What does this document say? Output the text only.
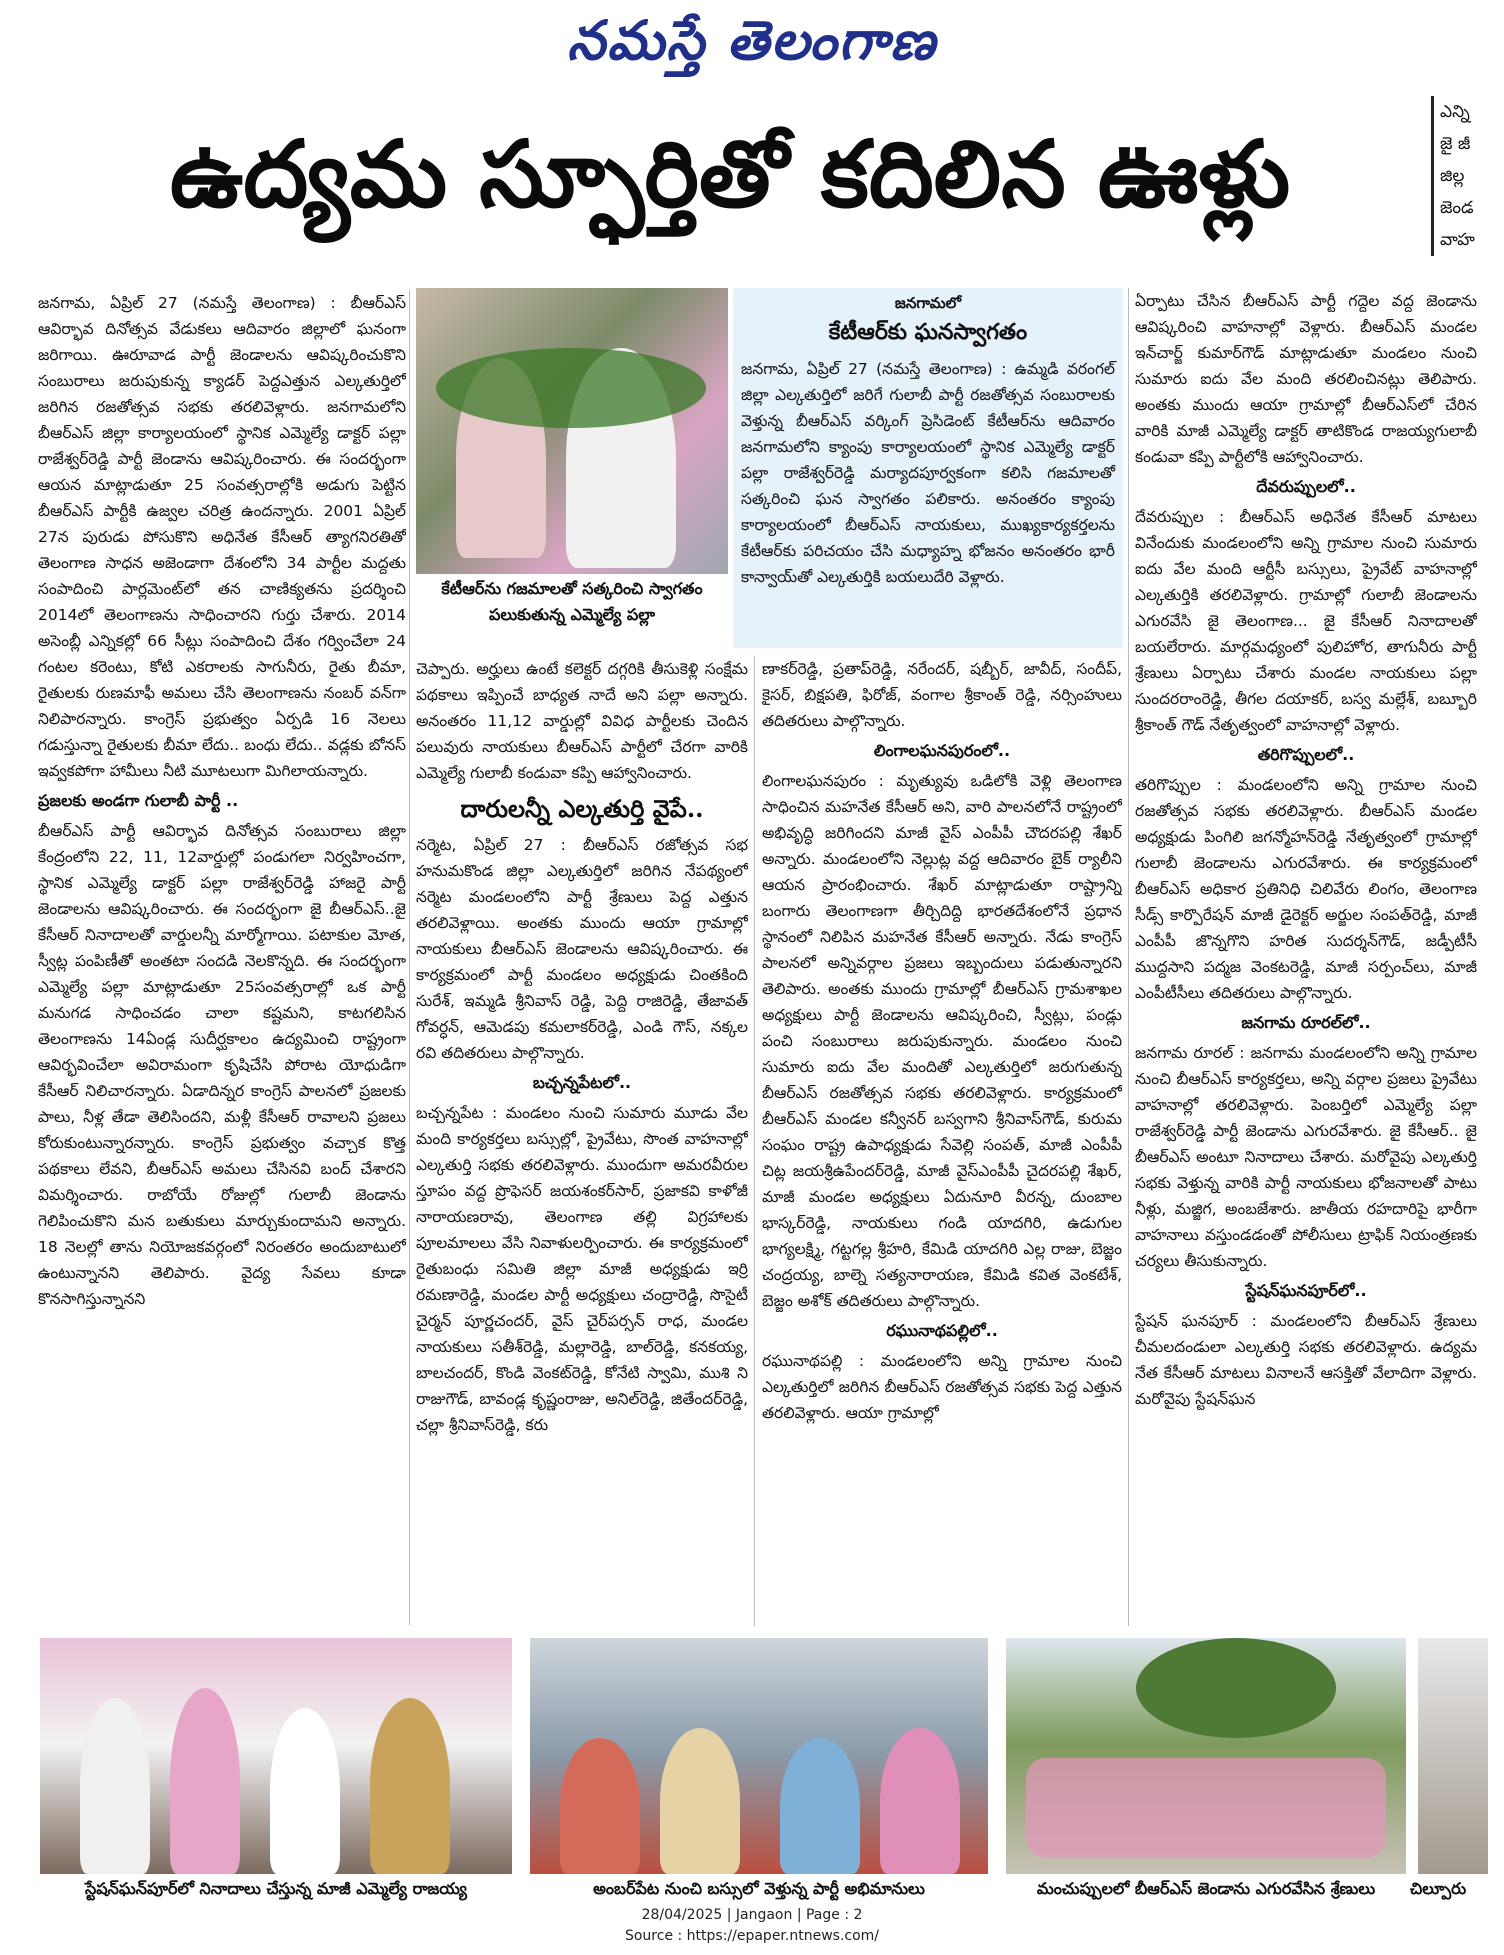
నమస్తే తెలంగాణ
ఉద్యమ స్ఫూర్తితో కదిలిన ఊళ్లు
ఎన్ని
జై జీ
జిల్ల
జెండ
వాహ

జనగామ, ఏప్రిల్ 27 (నమస్తే తెలంగాణ) : బీఆర్ఎస్ ఆవిర్భావ దినోత్సవ వేడుకలు ఆదివారం జిల్లాలో ఘనంగా జరిగాయి. ఊరూవాడ పార్టీ జెండాలను ఆవిష్కరించుకొని సంబురాలు జరుపుకున్న క్యాడర్ పెద్దఎత్తున ఎల్కతుర్తిలో జరిగిన రజతోత్సవ సభకు తరలివెళ్లారు. జనగామలోని బీఆర్ఎస్ జిల్లా కార్యాలయంలో స్థానిక ఎమ్మెల్యే డాక్టర్ పల్లా రాజేశ్వర్‌రెడ్డి పార్టీ జెండాను ఆవిష్కరించారు. ఈ సందర్భంగా ఆయన మాట్లాడుతూ 25 సంవత్సరాల్లోకి అడుగు పెట్టిన బీఆర్ఎస్ పార్టీకి ఉజ్వల చరిత్ర ఉందన్నారు. 2001 ఏప్రిల్ 27న పురుడు పోసుకొని అధినేత కేసీఆర్ త్యాగనిరతితో తెలంగాణ సాధన అజెండాగా దేశంలోని 34 పార్టీల మద్దతు సంపాదించి పార్లమెంట్‌లో తన చాణిక్యతను ప్రదర్శించి 2014లో తెలంగాణను సాధించారని గుర్తు చేశారు. 2014 అసెంబ్లీ ఎన్నికల్లో 66 సీట్లు సంపాదించి దేశం గర్వించేలా 24 గంటల కరెంటు, కోటి ఎకరాలకు సాగునీరు, రైతు బీమా, రైతులకు రుణమాఫీ అమలు చేసి తెలంగాణను నంబర్ వన్‌గా నిలిపారన్నారు. కాంగ్రెస్ ప్రభుత్వం ఏర్పడి 16 నెలలు గడుస్తున్నా రైతులకు బీమా లేదు.. బంధు లేదు.. వడ్లకు బోనస్ ఇవ్వకపోగా హామీలు నీటి మూటలుగా మిగిలాయన్నారు.

ప్రజలకు అండగా గులాబీ పార్టీ ..

బీఆర్ఎస్ పార్టీ ఆవిర్భావ దినోత్సవ సంబురాలు జిల్లా కేంద్రంలోని 22, 11, 12వార్డుల్లో పండుగలా నిర్వహించగా, స్థానిక ఎమ్మెల్యే డాక్టర్ పల్లా రాజేశ్వర్‌రెడ్డి హాజరై పార్టీ జెండాలను ఆవిష్కరించారు. ఈ సందర్భంగా జై బీఆర్ఎస్..జై కేసీఆర్ నినాదాలతో వార్డులన్నీ మార్మోగాయి. పటాకుల మోత, స్వీట్ల పంపిణీతో అంతటా సందడి నెలకొన్నది. ఈ సందర్భంగా ఎమ్మెల్యే పల్లా మాట్లాడుతూ 25సంవత్సరాల్లో ఒక పార్టీ మనుగడ సాధించడం చాలా కష్టమని, కాటగలిసిన తెలంగాణను 14ఏండ్ల సుదీర్ఘకాలం ఉద్యమించి రాష్ట్రంగా ఆవిర్భవించేలా అవిరామంగా కృషిచేసి పోరాట యోధుడిగా కేసీఆర్ నిలిచారన్నారు. ఏడాదిన్నర కాంగ్రెస్ పాలనలో ప్రజలకు పాలు, నీళ్ల తేడా తెలిసిందని, మళ్లీ కేసీఆర్ రావాలని ప్రజలు కోరుకుంటున్నారన్నారు. కాంగ్రెస్ ప్రభుత్వం వచ్చాక కొత్త పథకాలు లేవని, బీఆర్ఎస్ అమలు చేసినవి బంద్ చేశారని విమర్శించారు. రాబోయే రోజుల్లో గులాబీ జెండాను గెలిపించుకొని మన బతుకులు మార్చుకుందామని అన్నారు. 18 నెలల్లో తాను నియోజకవర్గంలో నిరంతరం అందుబాటులో ఉంటున్నానని తెలిపారు. వైద్య సేవలు కూడా కొనసాగిస్తున్నానని

కేటీఆర్‌ను గజమాలతో సత్కరించి స్వాగతం పలుకుతున్న ఎమ్మెల్యే పల్లా
జనగామలో
కేటీఆర్‌కు ఘనస్వాగతం
జనగామ, ఏప్రిల్ 27 (నమస్తే తెలంగాణ) : ఉమ్మడి వరంగల్ జిల్లా ఎల్కతుర్తిలో జరిగే గులాబీ పార్టీ రజతోత్సవ సంబురాలకు వెళ్తున్న బీఆర్ఎస్ వర్కింగ్ ప్రెసిడెంట్ కేటీఆర్‌ను ఆదివారం జనగామలోని క్యాంపు కార్యాలయంలో స్థానిక ఎమ్మెల్యే డాక్టర్ పల్లా రాజేశ్వర్‌రెడ్డి మర్యాదపూర్వకంగా కలిసి గజమాలతో సత్కరించి ఘన స్వాగతం పలికారు. అనంతరం క్యాంపు కార్యాలయంలో బీఆర్ఎస్ నాయకులు, ముఖ్యకార్యకర్తలను కేటీఆర్‌కు పరిచయం చేసి మధ్యాహ్న భోజనం అనంతరం భారీ కాన్వాయ్‌తో ఎల్కతుర్తికి బయలుదేరి వెళ్లారు.

చెప్పారు. అర్హులు ఉంటే కలెక్టర్ దగ్గరికి తీసుకెళ్లి సంక్షేమ పథకాలు ఇప్పించే బాధ్యత నాదే అని పల్లా అన్నారు. అనంతరం 11,12 వార్డుల్లో వివిధ పార్టీలకు చెందిన పలువురు నాయకులు బీఆర్ఎస్ పార్టీలో చేరగా వారికి ఎమ్మెల్యే గులాబీ కండువా కప్పి ఆహ్వానించారు.

దారులన్నీ ఎల్కతుర్తి వైపే..

నర్మెట, ఏప్రిల్ 27 : బీఆర్ఎస్ రజోత్సవ సభ హనుమకొండ జిల్లా ఎల్కతుర్తిలో జరిగిన నేపథ్యంలో నర్మెట మండలంలోని పార్టీ శ్రేణులు పెద్ద ఎత్తున తరలివెళ్లాయి. అంతకు ముందు ఆయా గ్రామాల్లో నాయకులు బీఆర్ఎస్ జెండాలను ఆవిష్కరించారు. ఈ కార్యక్రమంలో పార్టీ మండలం అధ్యక్షుడు చింతకింది సురేశ్, ఇమ్మడి శ్రీనివాస్ రెడ్డి, పెద్ది రాజిరెడ్డి, తేజావత్ గోవర్ధన్, ఆమెడపు కమలాకర్‌రెడ్డి, ఎండి గౌస్, నక్కల రవి తదితరులు పాల్గొన్నారు.

బచ్చన్నపేటలో..

బచ్చన్నపేట : మండలం నుంచి సుమారు మూడు వేల మంది కార్యకర్తలు బస్సుల్లో, ప్రైవేటు, సొంత వాహనాల్లో ఎల్కతుర్తి సభకు తరలివెళ్లారు. ముందుగా అమరవీరుల స్తూపం వద్ద ప్రొఫెసర్ జయశంకర్‌సార్, ప్రజాకవి కాళోజీ నారాయణరావు, తెలంగాణ తల్లి విగ్రహాలకు పూలమాలలు వేసి నివాళులర్పించారు. ఈ కార్యక్రమంలో రైతుబంధు సమితి జిల్లా మాజీ అధ్యక్షుడు ఇర్రి రమణారెడ్డి, మండల పార్టీ అధ్యక్షులు చంద్రారెడ్డి, సొసైటీ చైర్మన్ పూర్ణచందర్, వైస్ చైర్‌పర్సన్ రాధ, మండల నాయకులు సతీశ్‌రెడ్డి, మల్లారెడ్డి, బాల్‌రెడ్డి, కనకయ్య, బాలచందర్, కొండి వెంకట్‌రెడ్డి, కోనేటి స్వామి, ముశి ని రాజుగౌడ్, బావండ్ల కృష్ణంరాజు, అనిల్‌రెడ్డి, జితేందర్‌రెడ్డి, చల్లా శ్రీనివాస్‌రెడ్డి, కరు

ణాకర్‌రెడ్డి, ప్రతాప్‌రెడ్డి, నరేందర్, షబ్బీర్, జావీద్, సందీప్, కైసర్, బిక్షపతి, ఫిరోజ్, వంగాల శ్రీకాంత్ రెడ్డి, నర్సింహులు తదితరులు పాల్గొన్నారు.

లింగాలఘనపురంలో..

లింగాలఘనపురం : మృత్యువు ఒడిలోకి వెళ్లి తెలంగాణ సాధించిన మహనేత కేసీఆర్ అని, వారి పాలనలోనే రాష్ట్రంలో అభివృద్ధి జరిగిందని మాజీ వైస్ ఎంపీపీ చౌదరపల్లి శేఖర్ అన్నారు. మండలంలోని నెల్లుట్ల వద్ద ఆదివారం బైక్ ర్యాలీని ఆయన ప్రారంభించారు. శేఖర్ మాట్లాడుతూ రాష్ట్రాన్ని బంగారు తెలంగాణగా తీర్చిదిద్ది భారతదేశంలోనే ప్రధాన స్థానంలో నిలిపిన మహనేత కేసీఆర్ అన్నారు. నేడు కాంగ్రెస్ పాలనలో అన్నివర్గాల ప్రజలు ఇబ్బందులు పడుతున్నారని తెలిపారు. అంతకు ముందు గ్రామాల్లో బీఆర్ఎస్ గ్రామశాఖల అధ్యక్షులు పార్టీ జెండాలను ఆవిష్కరించి, స్వీట్లు, పండ్లు పంచి సంబురాలు జరుపుకున్నారు. మండలం నుంచి సుమారు ఐదు వేల మందితో ఎల్కతుర్తిలో జరుగుతున్న బీఆర్ఎస్ రజతోత్సవ సభకు తరలివెళ్లారు. కార్యక్రమంలో బీఆర్ఎస్ మండల కన్వీనర్ బస్వగాని శ్రీనివాస్‌గౌడ్, కురుమ సంఘం రాష్ట్ర ఉపాధ్యక్షుడు సేవెల్లి సంపత్, మాజీ ఎంపీపీ చిట్ల జయశ్రీఉపేందర్‌రెడ్డి, మాజీ వైస్‌ఎంపీపీ చైదరపల్లి శేఖర్, మాజీ మండల అధ్యక్షులు ఏదునూరి వీరన్న, దుంబాల భాస్కర్‌రెడ్డి, నాయకులు గండి యాదగిరి, ఉడుగుల భాగ్యలక్ష్మి, గట్టగల్ల శ్రీహరి, కేమిడి యాదగిరి ఎల్ల రాజు, బెజ్జం చంద్రయ్య, బాల్నె సత్యనారాయణ, కేమిడి కవిత వెంకటేశ్, బెజ్జం అశోక్ తదితరులు పాల్గొన్నారు.

రఘునాథపల్లిలో..

రఘునాథపల్లి : మండలంలోని అన్ని గ్రామాల నుంచి ఎల్కతుర్తిలో జరిగిన బీఆర్ఎస్ రజతోత్సవ సభకు పెద్ద ఎత్తున తరలివెళ్లారు. ఆయా గ్రామాల్లో

ఏర్పాటు చేసిన బీఆర్ఎస్ పార్టీ గద్దెల వద్ద జెండాను ఆవిష్కరించి వాహనాల్లో వెళ్లారు. బీఆర్ఎస్ మండల ఇన్‌చార్జ్ కుమార్‌గౌడ్ మాట్లాడుతూ మండలం నుంచి సుమారు ఐదు వేల మంది తరలించినట్లు తెలిపారు. అంతకు ముందు ఆయా గ్రామాల్లో బీఆర్ఎస్‌లో చేరిన వారికి మాజీ ఎమ్మెల్యే డాక్టర్ తాటికొండ రాజయ్యగులాబీ కండువా కప్పి పార్టీలోకి ఆహ్వానించారు.

దేవరుప్పులలో..

దేవరుప్పుల : బీఆర్ఎస్ అధినేత కేసీఆర్ మాటలు వినేందుకు మండలంలోని అన్ని గ్రామాల నుంచి సుమారు ఐదు వేల మంది ఆర్టీసీ బస్సులు, ప్రైవేట్ వాహనాల్లో ఎల్కతుర్తికి తరలివెళ్లారు. గ్రామాల్లో గులాబీ జెండాలను ఎగురవేసి జై తెలంగాణ... జై కేసీఆర్ నినాదాలతో బయలేరారు. మార్గమధ్యంలో పులిహోర, తాగునీరు పార్టీ శ్రేణులు ఏర్పాటు చేశారు మండల నాయకులు పల్లా సుందరరాంరెడ్డి, తీగల దయాకర్, బస్వ మల్లేశ్, బబ్బూరి శ్రీకాంత్ గౌడ్ నేతృత్వంలో వాహనాల్లో వెళ్లారు.

తరిగొప్పులలో..

తరిగొప్పుల : మండలంలోని అన్ని గ్రామాల నుంచి రజతోత్సవ సభకు తరలివెళ్లారు. బీఆర్ఎస్ మండల అధ్యక్షుడు పింగిలి జగన్మోహన్‌రెడ్డి నేతృత్వంలో గ్రామాల్లో గులాబీ జెండాలను ఎగురవేశారు. ఈ కార్యక్రమంలో బీఆర్ఎస్ అధికార ప్రతినిధి చిలివేరు లింగం, తెలంగాణ సీడ్స్ కార్పొరేషన్ మాజీ డైరెక్టర్ అర్జుల సంపత్‌రెడ్డి, మాజీ ఎంపీపీ జొన్నగొని హరిత సుదర్శన్‌గౌడ్, జడ్పీటీసీ ముద్దసాని పద్మజ వెంకటరెడ్డి, మాజీ సర్పంచ్‌లు, మాజీ ఎంపీటీసీలు తదితరులు పాల్గొన్నారు.

జనగామ రూరల్‌లో..

జనగామ రూరల్ : జనగామ మండలంలోని అన్ని గ్రామాల నుంచి బీఆర్ఎస్ కార్యకర్తలు, అన్ని వర్గాల ప్రజలు ప్రైవేటు వాహనాల్లో తరలివెళ్లారు. పెంబర్తిలో ఎమ్మెల్యే పల్లా రాజేశ్వర్‌రెడ్డి పార్టీ జెండాను ఎగురవేశారు. జై కేసీఆర్.. జై బీఆర్ఎస్ అంటూ నినాదాలు చేశారు. మరోవైపు ఎల్కతుర్తి సభకు వెళ్తున్న వారికి పార్టీ నాయకులు భోజనాలతో పాటు నీళ్లు, మజ్జిగ, అంబజేశారు. జాతీయ రహదారిపై భారీగా వాహనాలు వస్తుండడంతో పోలీసులు ట్రాఫిక్ నియంత్రణకు చర్యలు తీసుకున్నారు.

స్టేషన్‌ఘనపూర్‌లో..

స్టేషన్ ఘనపూర్ : మండలంలోని బీఆర్ఎస్ శ్రేణులు చీమలదండులా ఎల్కతుర్తి సభకు తరలివెళ్లారు. ఉద్యమ నేత కేసీఆర్ మాటలు వినాలనే ఆసక్తితో వేలాదిగా వెళ్లారు. మరోవైపు స్టేషన్‌ఘన

స్టేషన్‌ఘన్‌పూర్‌లో నినాదాలు చేస్తున్న మాజీ ఎమ్మెల్యే రాజయ్య	అంబర్‌పేట నుంచి బస్సులో వెళ్తున్న పార్టీ అభిమానులు	మంచుప్పులలో బీఆర్ఎస్ జెండాను ఎగురవేసిన శ్రేణులు	చిల్పూరు
28/04/2025 | Jangaon | Page : 2
Source : https://epaper.ntnews.com/
